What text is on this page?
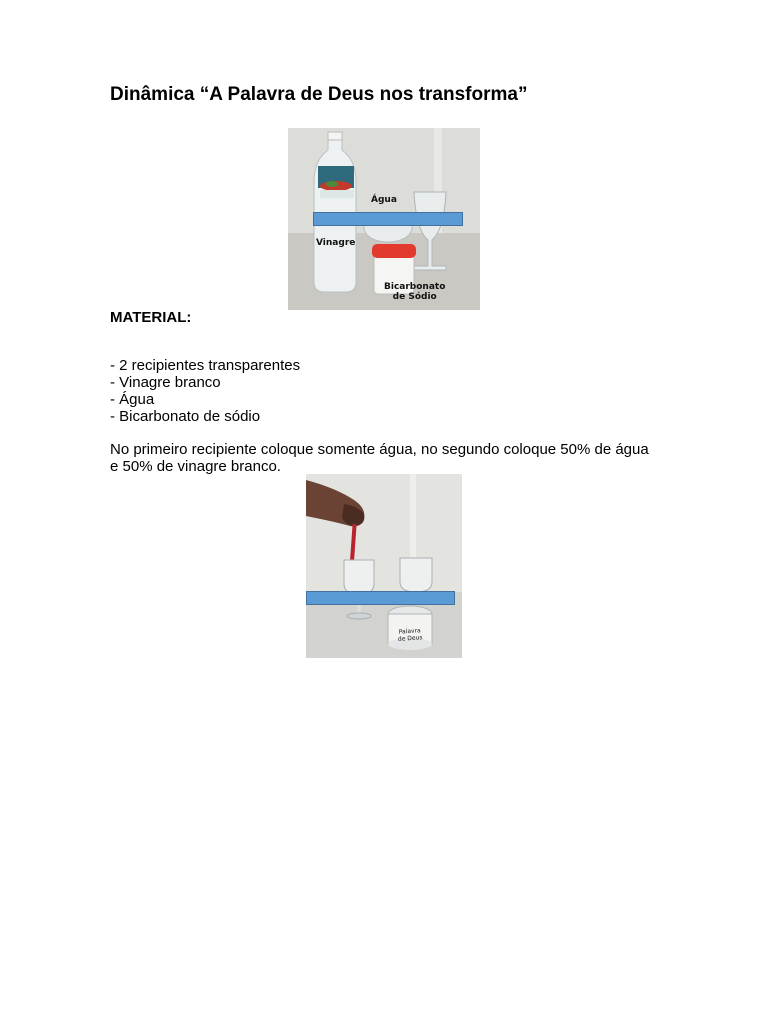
Dinâmica “A Palavra de Deus nos transforma”
Água
Vinagre
Bicarbonato
de Sódio
MATERIAL:
- 2 recipientes transparentes
- Vinagre branco
- Água
- Bicarbonato de sódio

No primeiro recipiente coloque somente água, no segundo coloque 50% de água e 50% de vinagre branco.

Palavra
de Deus
